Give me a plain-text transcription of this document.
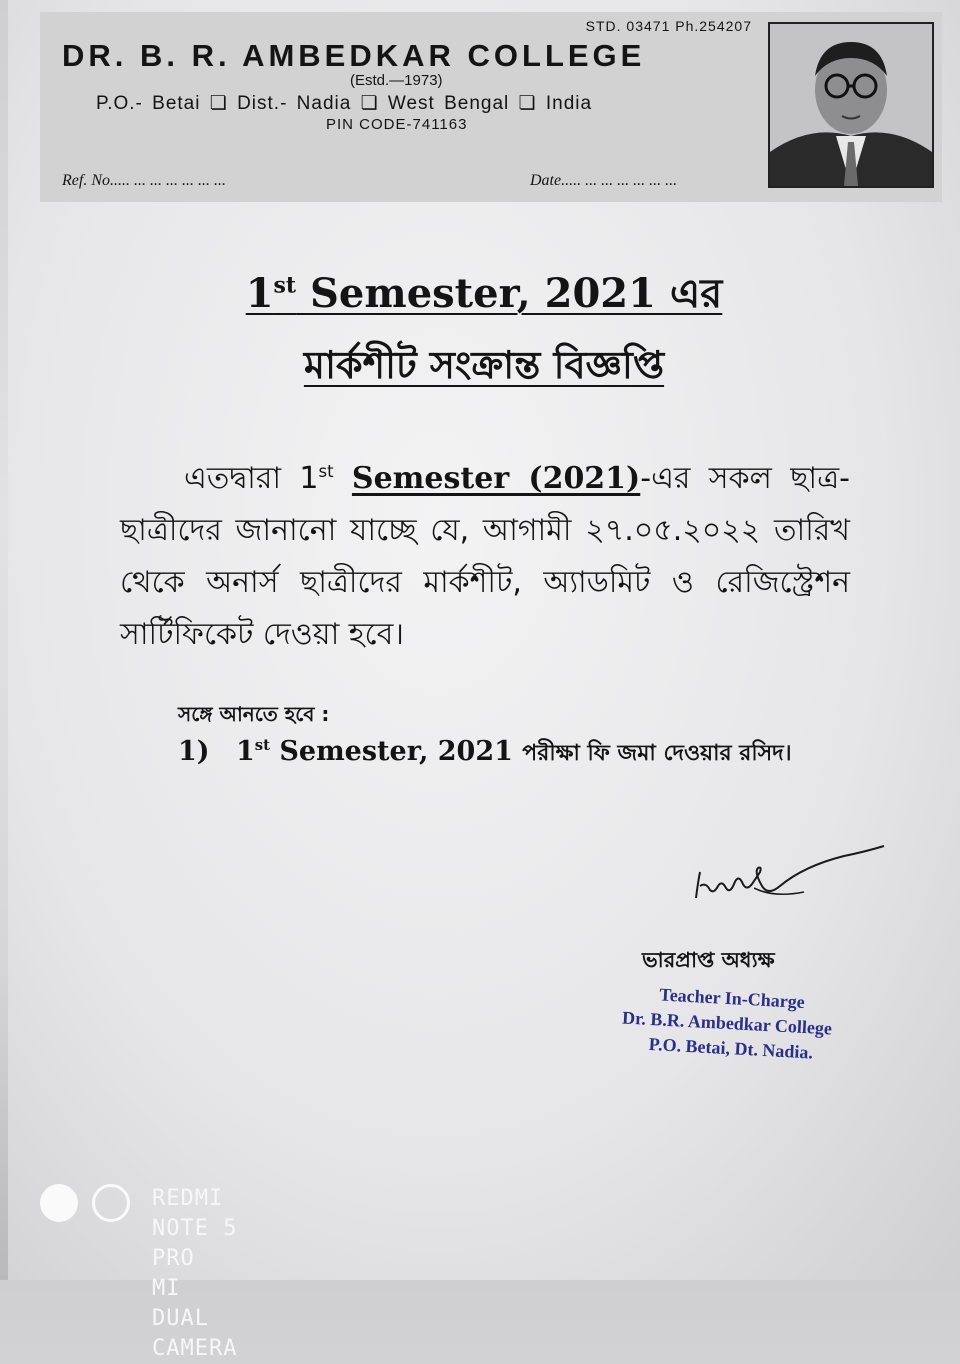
STD. 03471 Ph.254207
DR. B. R. AMBEDKAR COLLEGE
(Estd.—1973)
P.O.- Betai ❏ Dist.- Nadia ❏ West Bengal ❏ India
PIN CODE-741163
Ref. No..... ... ... ... ... ... ...	Date..... ... ... ... ... ... ...
1st Semester, 2021 এর
মার্কশীট সংক্রান্ত বিজ্ঞপ্তি
এতদ্বারা 1st Semester (2021)-এর সকল ছাত্র-ছাত্রীদের জানানো যাচ্ছে যে, আগামী ২৭.০৫.২০২২ তারিখ থেকে অনার্স ছাত্রীদের মার্কশীট, অ্যাডমিট ও রেজিস্ট্রেশন সার্টিফিকেট দেওয়া হবে।
সঙ্গে আনতে হবে :
1) 1st Semester, 2021 পরীক্ষা ফি জমা দেওয়ার রসিদ।
ভারপ্রাপ্ত অধ্যক্ষ
Teacher In-Charge
Dr. B.R. Ambedkar College
P.O. Betai, Dt. Nadia.
REDMI NOTE 5 PRO
MI DUAL CAMERA
